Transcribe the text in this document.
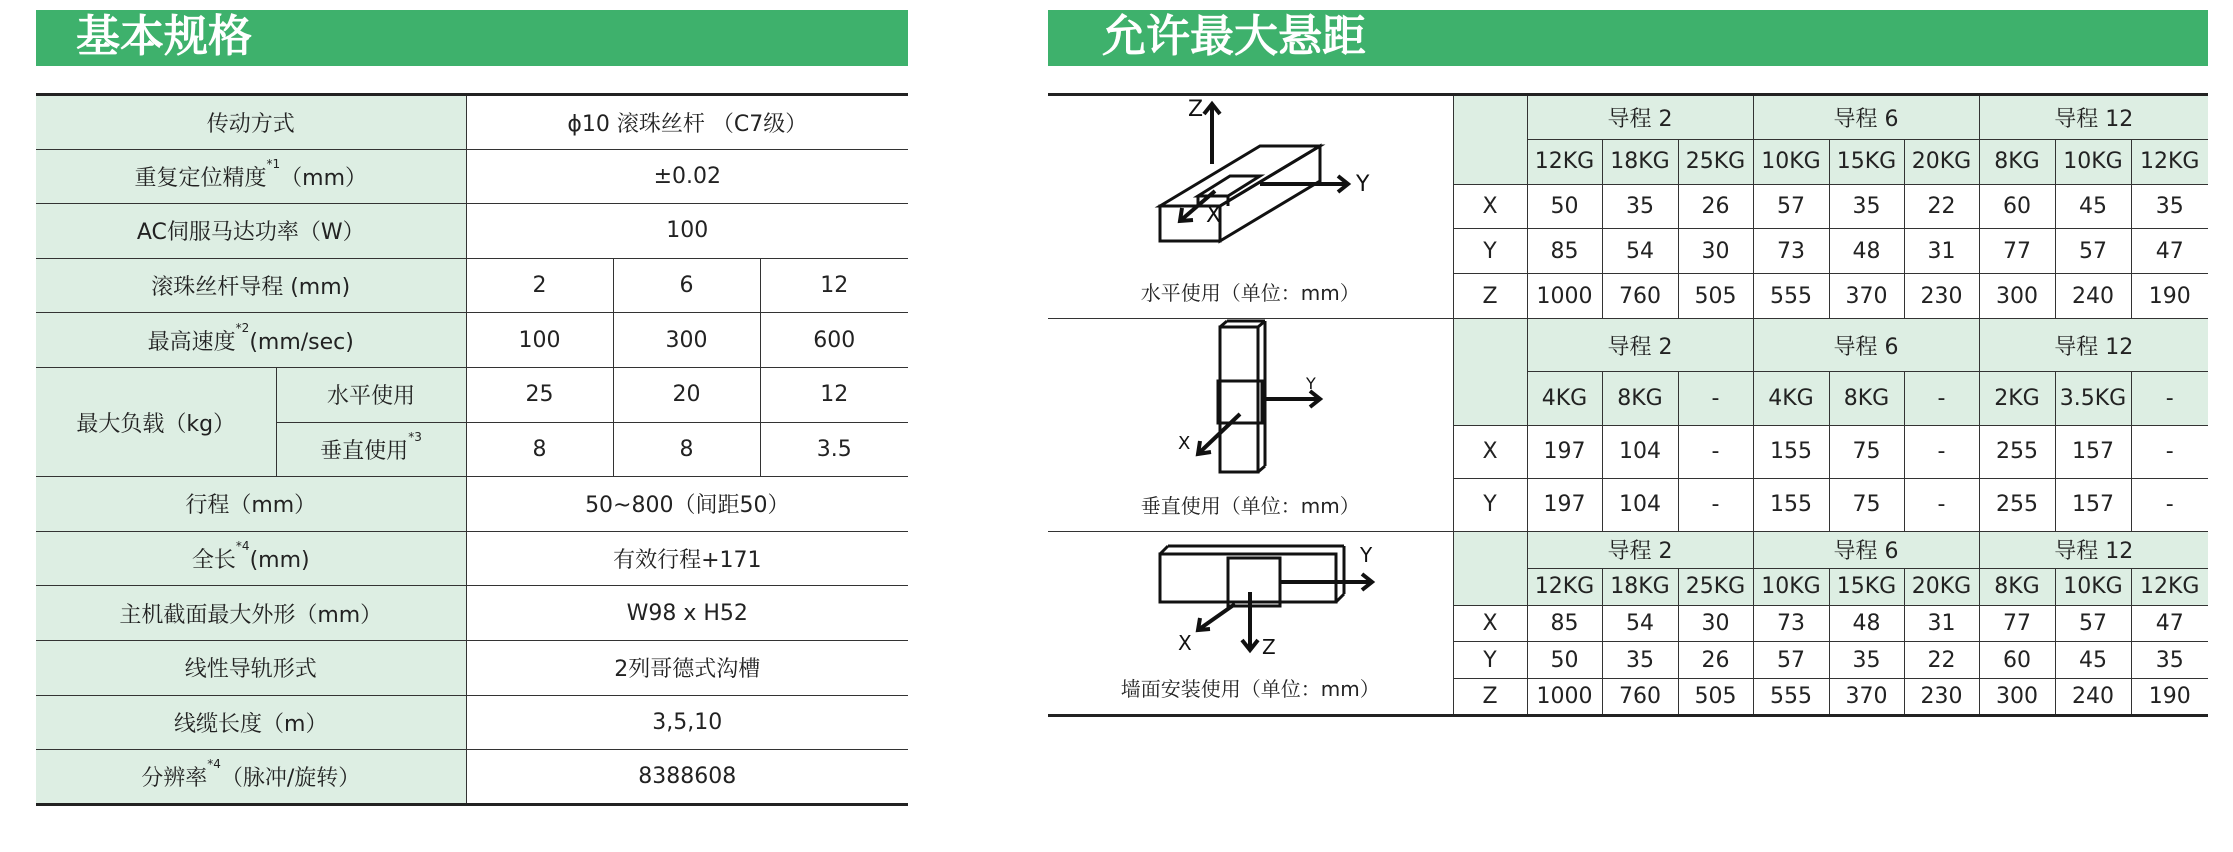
基本规格	允许最大悬距
传动方式		ϕ10 滚珠丝杆 （C7级）		
重复定位精度$^{*1}$（mm）		±0.02		
AC伺服马达功率（W）		100		
滚珠丝杆导程 (mm)		2	6	12
最高速度$^{*2}$(mm/sec)		100	300	600
最大负载（kg）	水平使用	25	20	12
	垂直使用$^{*3}$	8	8	3.5
行程（mm）		50~800（间距50）		
全长$^{*4}$(mm)		有效行程+171		
主机截面最大外形（mm）		W98 x H52		
线性导轨形式		2列哥德式沟槽		
线缆长度（m）		3,5,10		
分辨率$^{*4}$（脉冲/旋转）		8388608		
Z
Y
X
水平使用（单位：mm）		导程 2			导程 6			导程 12		
		12KG	18KG	25KG	10KG	15KG	20KG	8KG	10KG	12KG
	X	50	35	26	57	35	22	60	45	35
	Y	85	54	30	73	48	31	77	57	47
	Z	1000	760	505	555	370	230	300	240	190

Y
X
垂直使用（单位：mm）		导程 2			导程 6			导程 12		
		4KG	8KG	-	4KG	8KG	-	2KG	3.5KG	-
	X	197	104	-	155	75	-	255	157	-
	Y	197	104	-	155	75	-	255	157	-

Y
X Z
墙面安装使用（单位：mm）		导程 2			导程 6			导程 12		
		12KG	18KG	25KG	10KG	15KG	20KG	8KG	10KG	12KG
	X	85	54	30	73	48	31	77	57	47
	Y	50	35	26	57	35	22	60	45	35
	Z	1000	760	505	555	370	230	300	240	190
